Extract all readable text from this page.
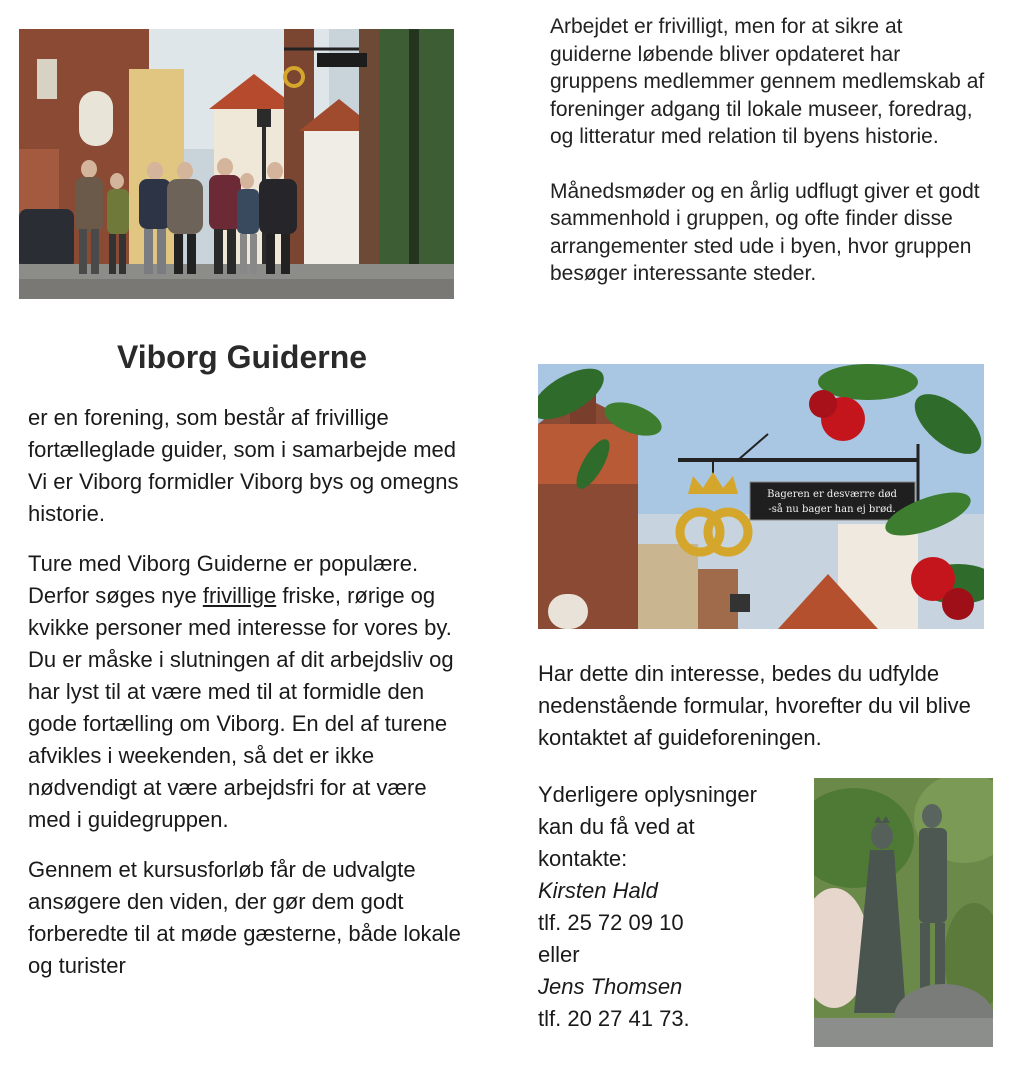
Viborg Guiderne

er en forening, som består af frivillige fortælleglade guider, som i samarbejde med Vi er Viborg formidler Viborg bys og omegns historie.

Ture med Viborg Guiderne er populære. Derfor søges nye frivillige friske, rørige og kvikke personer med interesse for vores by.

Du er måske i slutningen af dit arbejdsliv og har lyst til at være med til at formidle den gode fortælling om Viborg. En del af turene afvikles i weekenden, så det er ikke nødvendigt at være arbejdsfri for at være med i guidegruppen.

Gennem et kursusforløb får de udvalgte ansøgere den viden, der gør dem godt forberedte til at møde gæsterne, både lokale og turister

Arbejdet er frivilligt, men for at sikre at guiderne løbende bliver opdateret har gruppens medlemmer gennem medlemskab af foreninger adgang til lokale museer, foredrag, og litteratur med relation til byens historie.

Månedsmøder og en årlig udflugt giver et godt sammenhold i gruppen, og ofte finder disse arrangementer sted ude i byen, hvor gruppen besøger interessante steder.

Bageren er desværre død
-så nu bager han ej brød.
Har dette din interesse, bedes du udfylde nedenstående formular, hvorefter du vil blive kontaktet af guideforeningen.
Yderligere oplysninger
kan du få ved at
kontakte:
Kirsten Hald
tlf. 25 72 09 10
eller
Jens Thomsen
tlf. 20 27 41 73.
